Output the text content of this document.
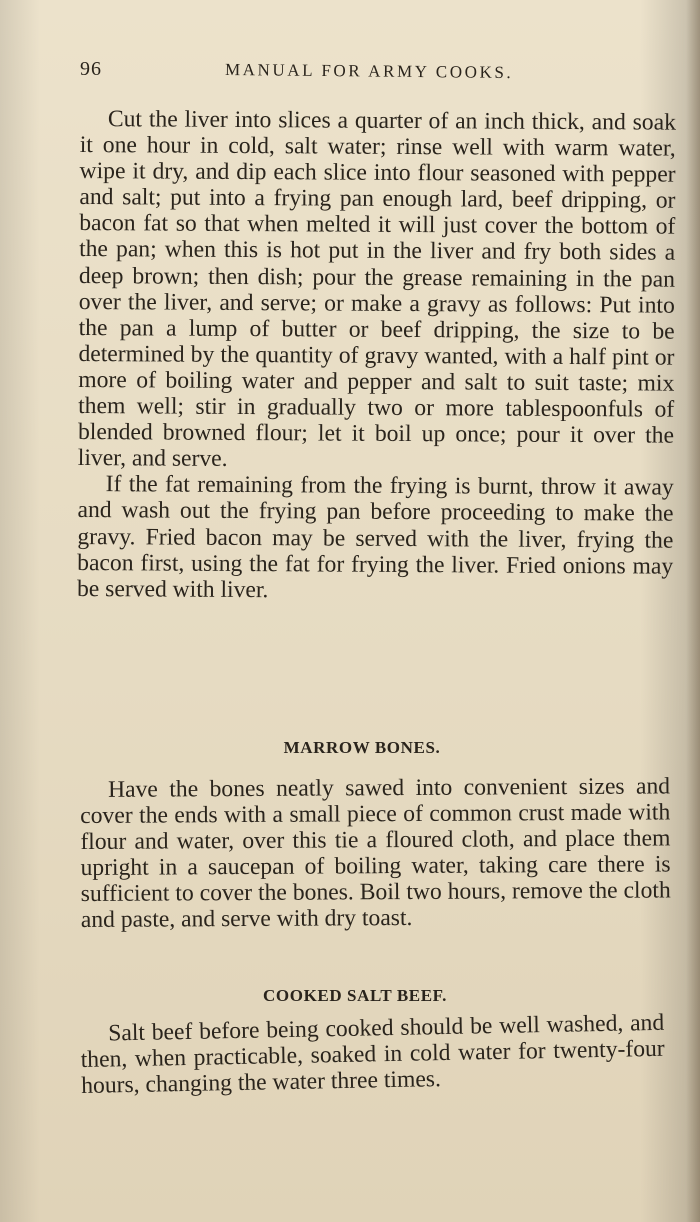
96	MANUAL FOR ARMY COOKS.

Cut the liver into slices a quarter of an inch thick, and soak it one hour in cold, salt water; rinse well with warm water, wipe it dry, and dip each slice into flour seasoned with pepper and salt; put into a frying pan enough lard, beef dripping, or bacon fat so that when melted it will just cover the bottom of the pan; when this is hot put in the liver and fry both sides a deep brown; then dish; pour the grease remaining in the pan over the liver, and serve; or make a gravy as follows: Put into the pan a lump of butter or beef dripping, the size to be determined by the quantity of gravy wanted, with a half pint or more of boiling water and pepper and salt to suit taste; mix them well; stir in gradually two or more tablespoonfuls of blended browned flour; let it boil up once; pour it over the liver, and serve.

If the fat remaining from the frying is burnt, throw it away and wash out the frying pan before proceeding to make the gravy. Fried bacon may be served with the liver, frying the bacon first, using the fat for frying the liver. Fried onions may be served with liver.

MARROW BONES.

Have the bones neatly sawed into convenient sizes and cover the ends with a small piece of common crust made with flour and water, over this tie a floured cloth, and place them upright in a saucepan of boiling water, taking care there is sufficient to cover the bones. Boil two hours, remove the cloth and paste, and serve with dry toast.

COOKED SALT BEEF.

Salt beef before being cooked should be well washed, and then, when practicable, soaked in cold water for twenty-four hours, changing the water three times.
